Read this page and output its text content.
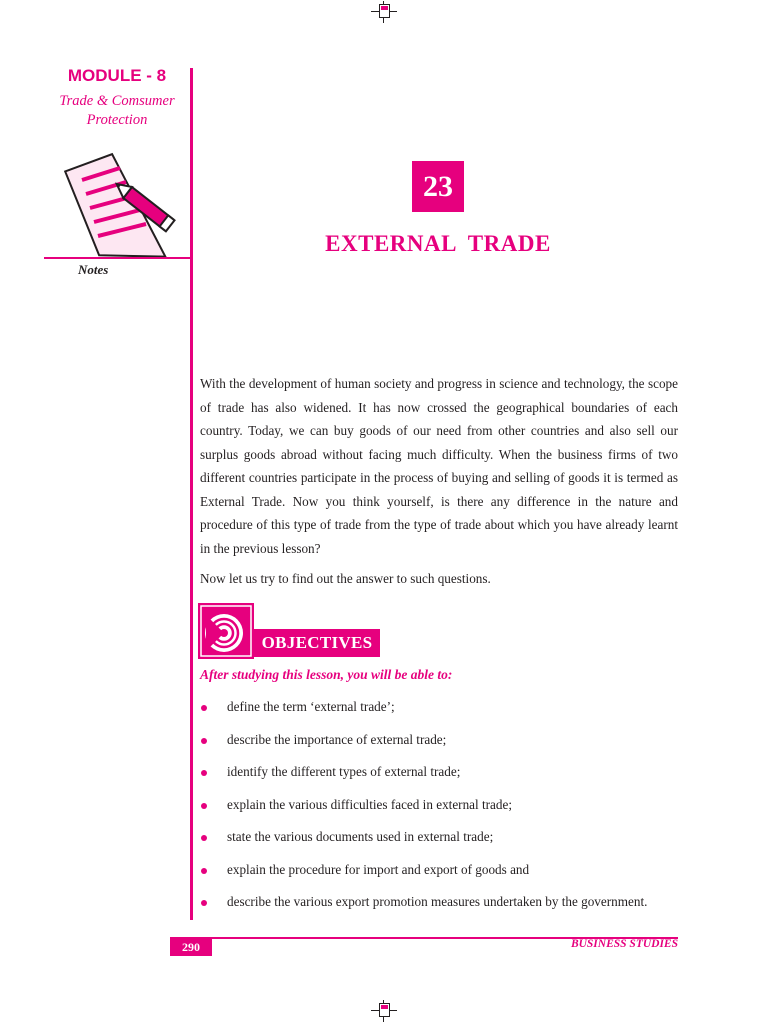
MODULE - 8
Trade & Comsumer
Protection
Notes
23
EXTERNAL  TRADE

With the development of human society and progress in science and technology, the scope of trade has also widened. It has now crossed the geographical boundaries of each country. Today, we can buy goods of our need from other countries and also sell our surplus goods abroad without facing much difficulty. When the business firms of two different countries participate in the process of buying and selling of goods it is termed as External Trade. Now you think yourself, is there any difference in the nature and procedure of this type of trade from the type of trade about which you have already learnt in the previous lesson?

Now let us try to find out the answer to such questions.

OBJECTIVES
After studying this lesson, you will be able to:
define the term ‘external trade’;
describe the importance of external trade;
identify the different types of external trade;
explain the various difficulties faced in external trade;
state the various documents used in external trade;
explain the procedure for import and export of goods and
describe the various export promotion measures undertaken by the government.
290	BUSINESS STUDIES
